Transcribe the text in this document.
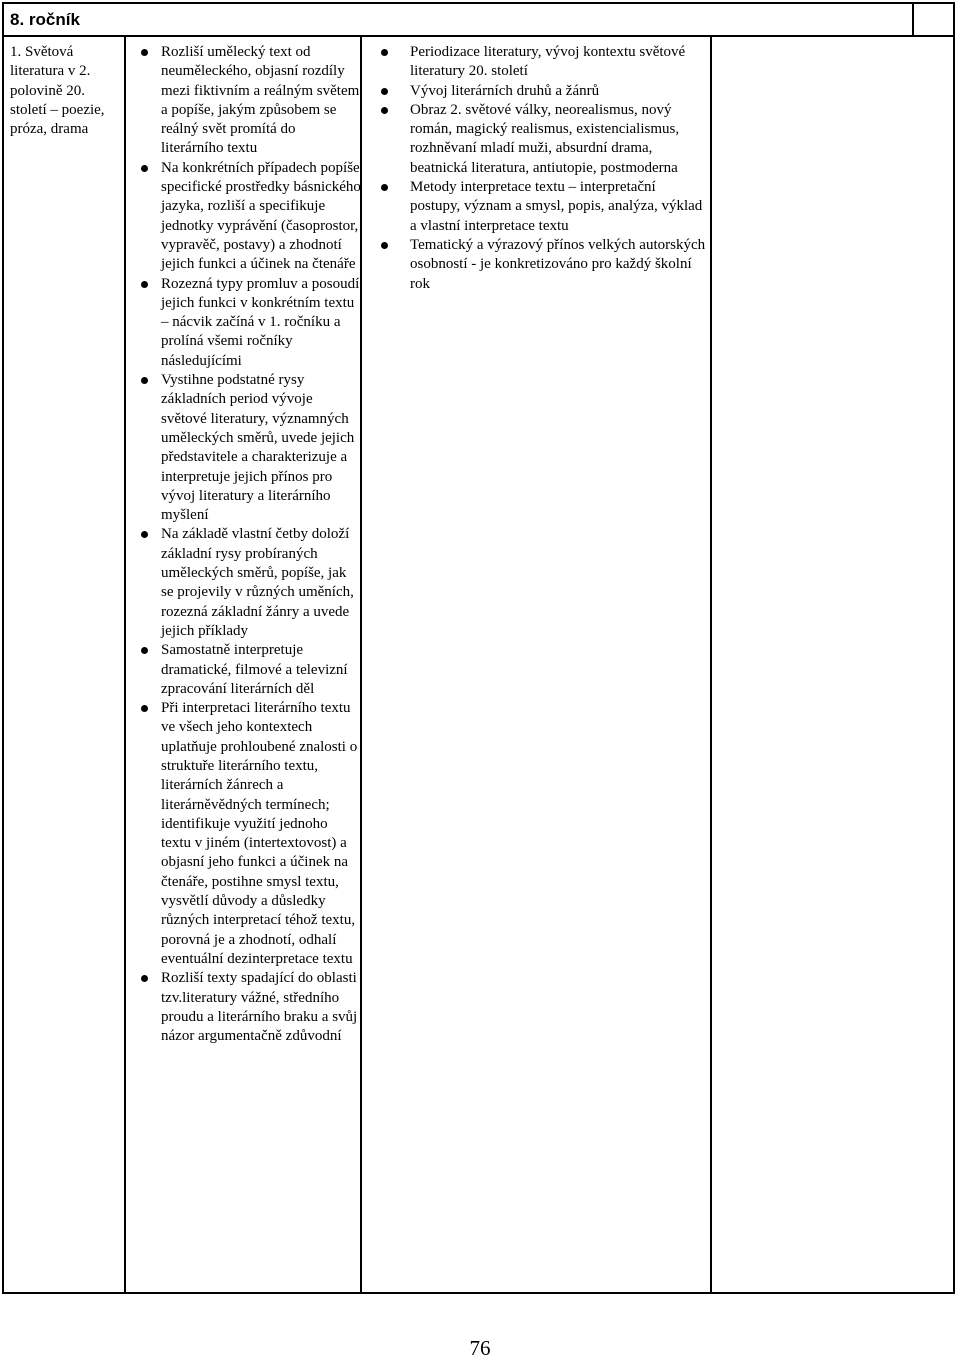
8. ročník
1. Světová literatura v 2. polovině 20. století – poezie, próza, drama
Rozliší umělecký text od neuměleckého, objasní rozdíly mezi fiktivním a reálným světem a popíše, jakým způsobem se reálný svět promítá do literárního textu
Na konkrétních případech popíše specifické prostředky básnického jazyka, rozliší a specifikuje jednotky vyprávění (časoprostor, vypravěč, postavy) a zhodnotí jejich funkci a účinek na čtenáře
Rozezná typy promluv a posoudí jejich funkci v konkrétním textu – nácvik začíná v 1. ročníku a prolíná všemi ročníky následujícími
Vystihne podstatné rysy základních period vývoje světové literatury, významných uměleckých směrů, uvede jejich představitele a charakterizuje a interpretuje jejich přínos pro vývoj literatury a literárního myšlení
Na základě vlastní četby doloží základní rysy probíraných uměleckých směrů, popíše, jak se projevily v různých uměních, rozezná základní žánry a uvede jejich příklady
Samostatně interpretuje dramatické, filmové a televizní zpracování literárních děl
Při interpretaci literárního textu ve všech jeho kontextech uplatňuje prohloubené znalosti o struktuře literárního textu, literárních žánrech a literárněvědných termínech; identifikuje využití jednoho textu v jiném (intertextovost) a objasní jeho funkci a účinek na čtenáře, postihne smysl textu, vysvětlí důvody a důsledky různých interpretací téhož textu, porovná je a zhodnotí, odhalí eventuální dezinterpretace textu
Rozliší texty spadající do oblasti tzv.literatury vážné, středního proudu a literárního braku a svůj názor argumentačně zdůvodní
Periodizace literatury, vývoj kontextu světové literatury 20. století
Vývoj literárních druhů a žánrů
Obraz 2. světové války, neorealismus, nový román, magický realismus, existencialismus, rozhněvaní mladí muži, absurdní drama, beatnická literatura, antiutopie, postmoderna
Metody interpretace textu – interpretační postupy, význam a smysl, popis, analýza, výklad a vlastní interpretace textu
Tematický a výrazový přínos velkých autorských osobností - je konkretizováno pro každý školní rok
76
